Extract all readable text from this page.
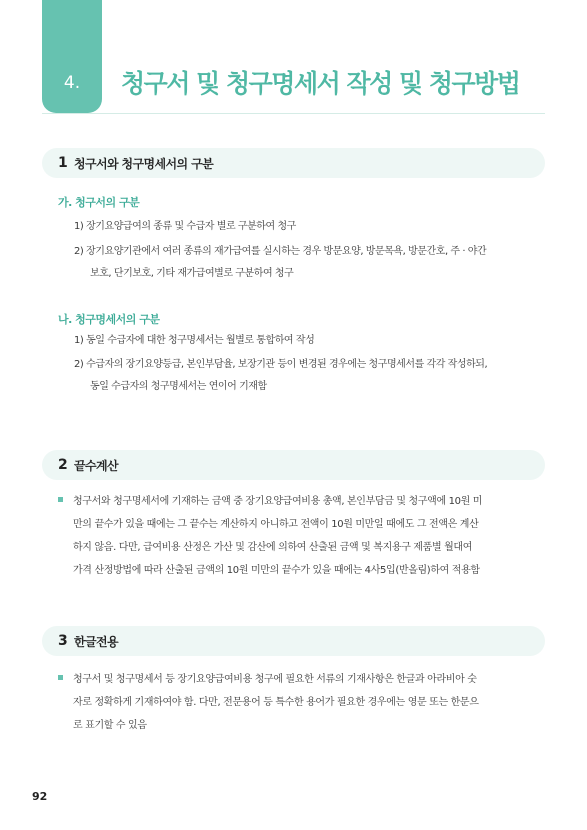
4. 청구서 및 청구명세서 작성 및 청구방법
1 청구서와 청구명세서의 구분
가. 청구서의 구분
1) 장기요양급여의 종류 및 수급자 별로 구분하여 청구
2) 장기요양기관에서 여러 종류의 재가급여를 실시하는 경우 방문요양, 방문목욕, 방문간호, 주 · 야간
보호, 단기보호, 기타 재가급여별로 구분하여 청구
나. 청구명세서의 구분
1) 동일 수급자에 대한 청구명세서는 월별로 통합하여 작성
2) 수급자의 장기요양등급, 본인부담율, 보장기관 등이 변경된 경우에는 청구명세서를 각각 작성하되,
동일 수급자의 청구명세서는 연이어 기재함
2 끝수계산
청구서와 청구명세서에 기재하는 금액 중 장기요양급여비용 총액, 본인부담금 및 청구액에 10원 미
만의 끝수가 있을 때에는 그 끝수는 계산하지 아니하고 전액이 10원 미만일 때에도 그 전액은 계산
하지 않음. 다만, 급여비용 산정은 가산 및 감산에 의하여 산출된 금액 및 복지용구 제품별 월대여
가격 산정방법에 따라 산출된 금액의 10원 미만의 끝수가 있을 때에는 4사5입(반올림)하여 적용함
3 한글전용
청구서 및 청구명세서 등 장기요양급여비용 청구에 필요한 서류의 기재사항은 한글과 아라비아 숫
자로 정확하게 기재하여야 함. 다만, 전문용어 등 특수한 용어가 필요한 경우에는 영문 또는 한문으
로 표기할 수 있음
92
